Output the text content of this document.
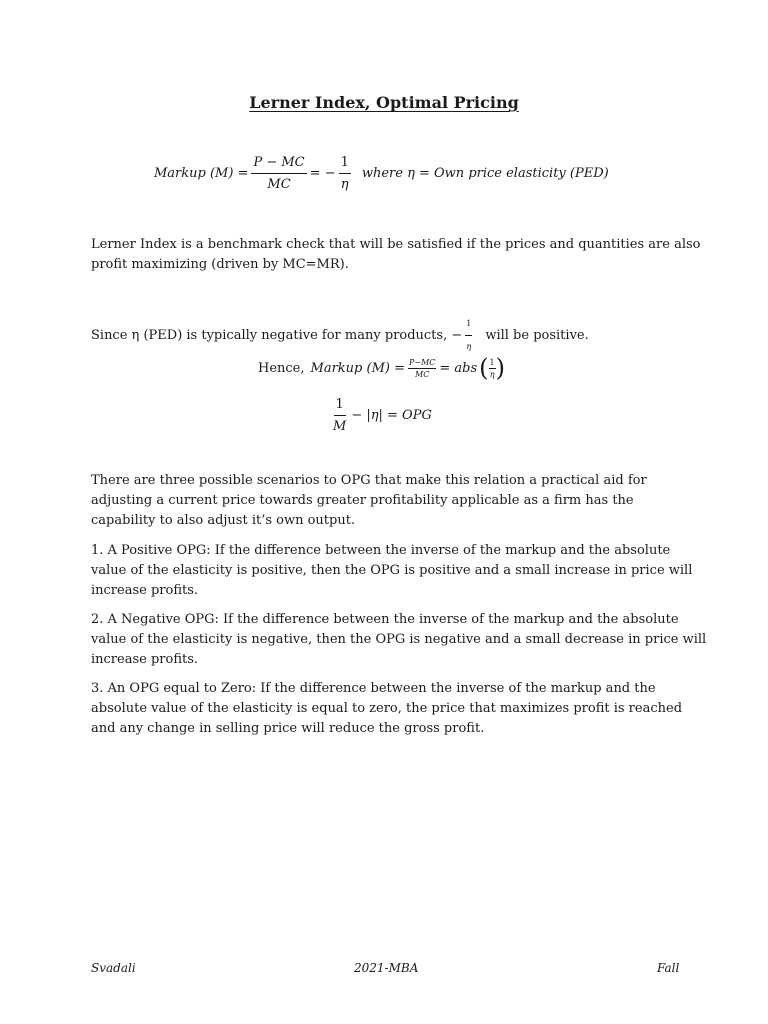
Lerner Index, Optimal Pricing
Markup $(M) = \frac{P - MC}{MC}$ = − $\frac{1}{\eta}$ where η = Own price elasticity (PED)

Lerner Index is a benchmark check that will be satisfied if the prices and quantities are also
profit maximizing (driven by MC=MR).

Since η (PED) is typically negative for many products, − $\frac{1}{\eta}$ will be positive.
Hence, Markup $(M) = \frac{P-MC}{MC}$ = abs ( $\frac{1}{\eta}$ )
$\frac{1}{M} - |\eta|$ = OPG

There are three possible scenarios to OPG that make this relation a practical aid for
adjusting a current price towards greater profitability applicable as a firm has the
capability to also adjust it’s own output.

1. A Positive OPG: If the difference between the inverse of the markup and the absolute
value of the elasticity is positive, then the OPG is positive and a small increase in price will
increase profits.

2. A Negative OPG: If the difference between the inverse of the markup and the absolute
value of the elasticity is negative, then the OPG is negative and a small decrease in price will
increase profits.

3. An OPG equal to Zero: If the difference between the inverse of the markup and the
absolute value of the elasticity is equal to zero, the price that maximizes profit is reached
and any change in selling price will reduce the gross profit.

Svadali	2021-MBA	Fall
